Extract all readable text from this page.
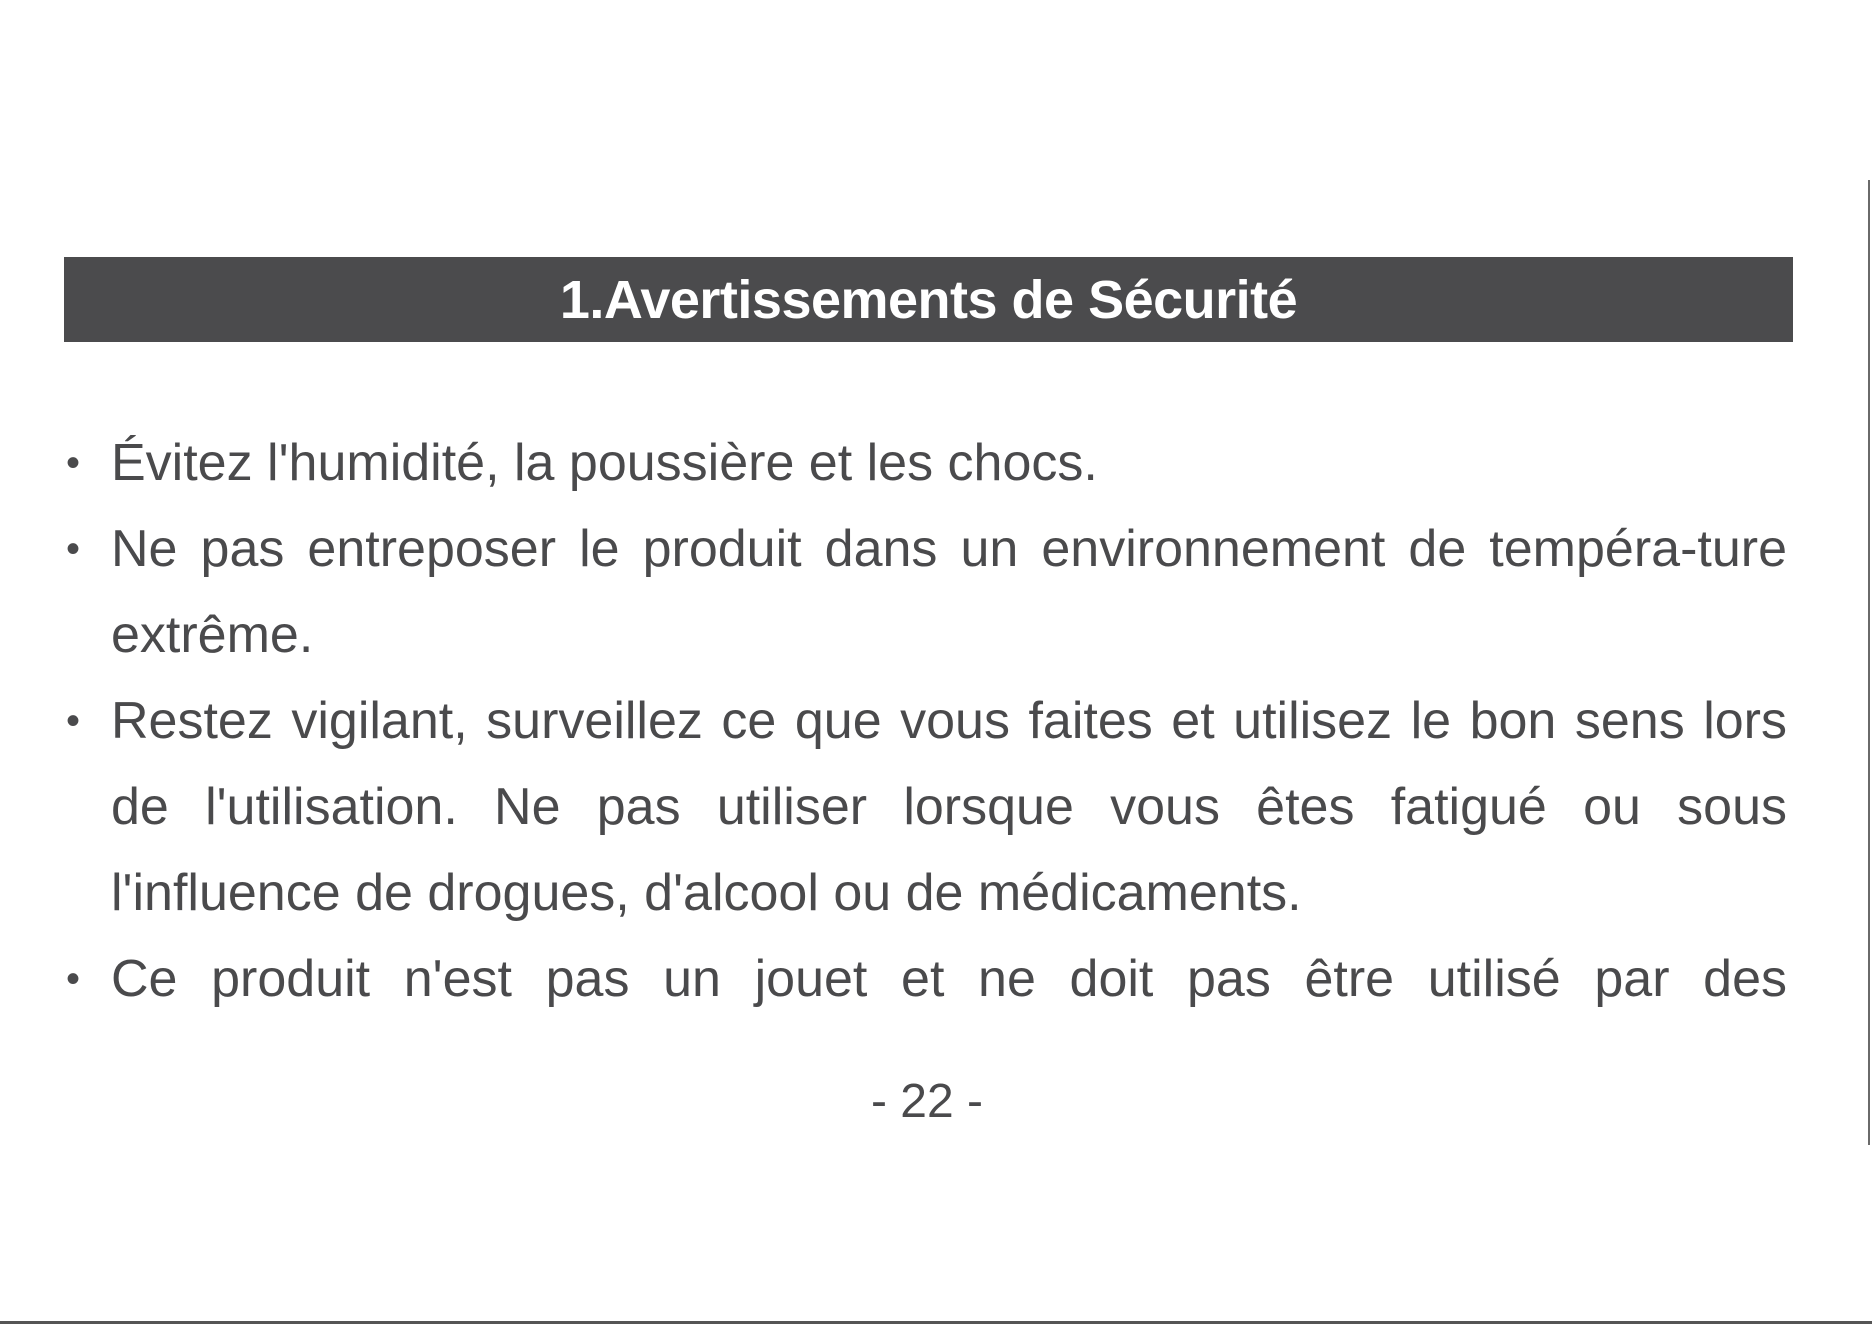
1.Avertissements de Sécurité
• Évitez l'humidité, la poussière et les chocs.
• Ne pas entreposer le produit dans un environnement de tempéra-ture extrême.
• Restez vigilant, surveillez ce que vous faites et utilisez le bon sens lors de l'utilisation. Ne pas utiliser lorsque vous êtes fatigué ou sous l'influence de drogues, d'alcool ou de médicaments.
• Ce produit n'est pas un jouet et ne doit pas être utilisé par des
- 22 -
